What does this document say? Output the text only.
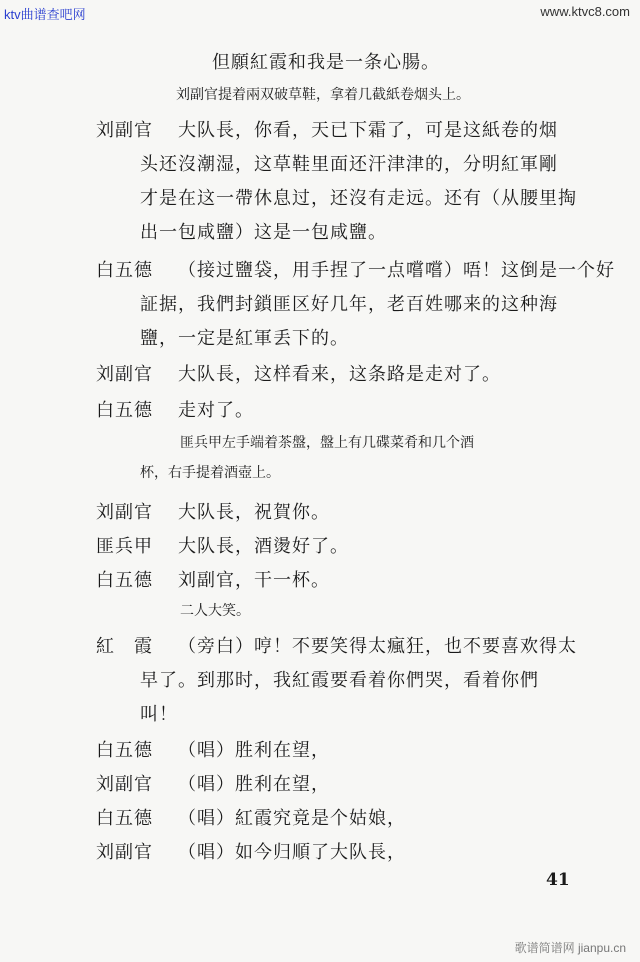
ktv曲谱查吧网	www.ktvc8.com
但願紅霞和我是一条心腸。
刘副官提着兩双破草鞋，拿着几截紙卷烟头上。
刘副官 大队長，你看，天已下霜了，可是这紙卷的烟
头还沒潮湿，这草鞋里面还汗津津的，分明紅軍剛
才是在这一帶休息过，还沒有走远。还有（从腰里掏
出一包咸鹽）这是一包咸鹽。
白五德 （接过鹽袋，用手捏了一点嚐嚐）唔！这倒是一个好
証据，我們封鎖匪区好几年，老百姓哪来的这种海
鹽，一定是紅軍丢下的。
刘副官 大队長，这样看来，这条路是走对了。
白五德 走对了。
匪兵甲左手端着茶盤，盤上有几碟菜肴和几个酒
杯，右手提着酒壺上。
刘副官 大队長，祝賀你。
匪兵甲 大队長，酒燙好了。
白五德 刘副官，干一杯。
二人大笑。
紅　霞 （旁白）哼！不要笑得太瘋狂，也不要喜欢得太
早了。到那时，我紅霞要看着你們哭，看着你們
叫！
白五德 （唱）胜利在望，
刘副官 （唱）胜利在望，
白五德 （唱）紅霞究竟是个姑娘，
刘副官 （唱）如今归順了大队長，
41
歌谱简谱网 jianpu.cn
